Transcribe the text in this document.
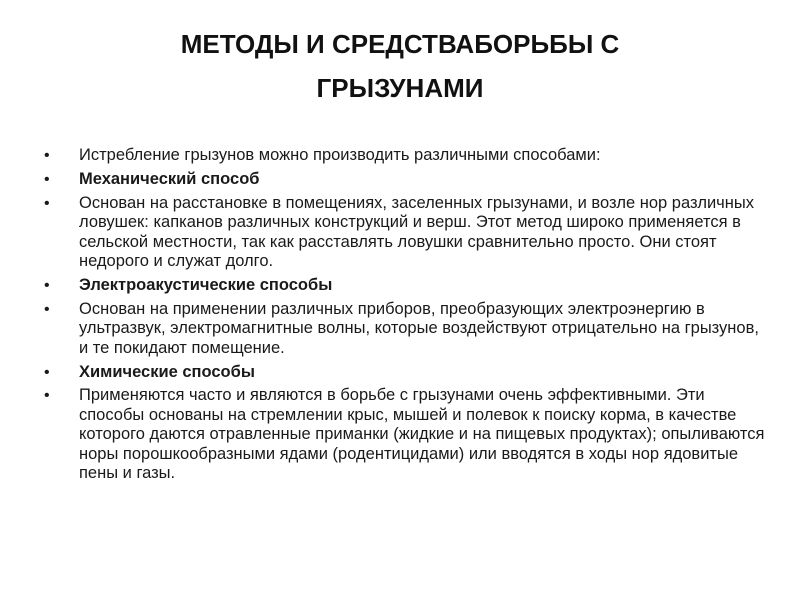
МЕТОДЫ И СРЕДСТВАБОРЬБЫ С
ГРЫЗУНАМИ
• Истребление грызунов можно производить различными способами:
• Механический способ
• Основан на расстановке в помещениях, заселенных грызунами, и возле нор различных ловушек: капканов различных конструкций и верш. Этот метод широко применяется в сельской местности, так как расставлять ловушки сравнительно просто. Они стоят недорого и служат долго.
• Электроакустические способы
• Основан на применении различных приборов, преобразующих электроэнергию в ультразвук, электромагнитные волны, которые воздействуют отрицательно на грызунов, и те покидают помещение.
• Химические способы
• Применяются часто и являются в борьбе с грызунами очень эффективными. Эти способы основаны на стремлении крыс, мышей и полевок к поиску корма, в качестве которого даются отравленные приманки (жидкие и на пищевых продуктах); опыливаются норы порошкообразными ядами (родентицидами) или вводятся в ходы нор ядовитые пены и газы.
